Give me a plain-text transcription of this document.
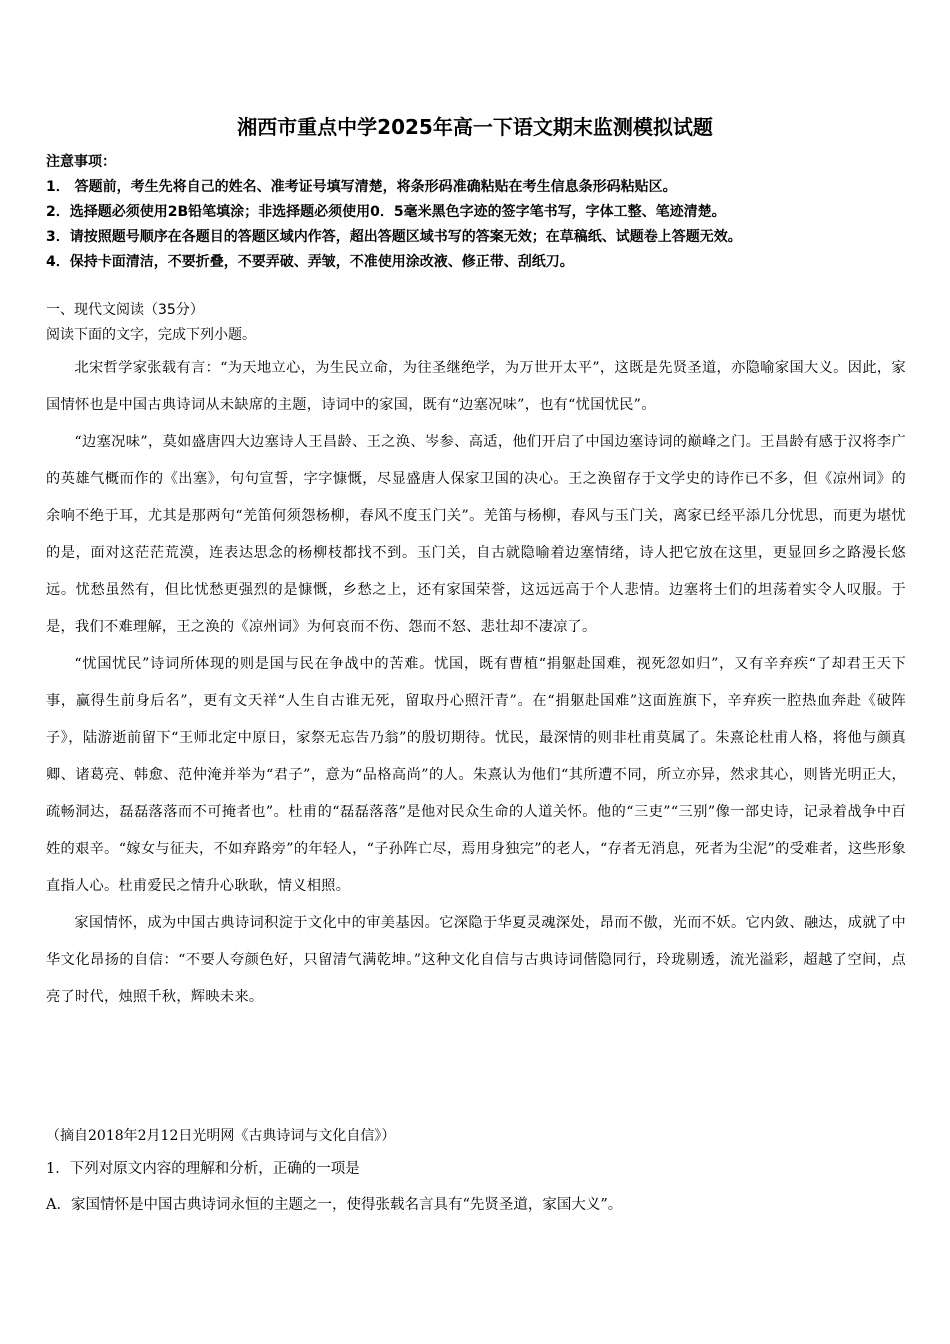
湘西市重点中学2025年高一下语文期末监测模拟试题
注意事项：
1． 答题前，考生先将自己的姓名、准考证号填写清楚，将条形码准确粘贴在考生信息条形码粘贴区。
2．选择题必须使用2B铅笔填涂；非选择题必须使用0．5毫米黑色字迹的签字笔书写，字体工整、笔迹清楚。
3．请按照题号顺序在各题目的答题区域内作答，超出答题区域书写的答案无效；在草稿纸、试题卷上答题无效。
4．保持卡面清洁，不要折叠，不要弄破、弄皱，不准使用涂改液、修正带、刮纸刀。
一、现代文阅读（35分）
阅读下面的文字，完成下列小题。

北宋哲学家张载有言：“为天地立心，为生民立命，为往圣继绝学，为万世开太平”，这既是先贤圣道，亦隐喻家国大义。因此，家国情怀也是中国古典诗词从未缺席的主题，诗词中的家国，既有“边塞况味”，也有“忧国忧民”。

“边塞况味”，莫如盛唐四大边塞诗人王昌龄、王之涣、岑参、高适，他们开启了中国边塞诗词的巅峰之门。王昌龄有感于汉将李广的英雄气概而作的《出塞》，句句宣誓，字字慷慨，尽显盛唐人保家卫国的决心。王之涣留存于文学史的诗作已不多，但《凉州词》的余响不绝于耳，尤其是那两句“羌笛何须怨杨柳，春风不度玉门关”。羌笛与杨柳，春风与玉门关，离家已经平添几分忧思，而更为堪忧的是，面对这茫茫荒漠，连表达思念的杨柳枝都找不到。玉门关，自古就隐喻着边塞情绪，诗人把它放在这里，更显回乡之路漫长悠远。忧愁虽然有，但比忧愁更强烈的是慷慨，乡愁之上，还有家国荣誉，这远远高于个人悲情。边塞将士们的坦荡着实令人叹服。于是，我们不难理解，王之涣的《凉州词》为何哀而不伤、怨而不怒、悲壮却不凄凉了。

“忧国忧民”诗词所体现的则是国与民在争战中的苦难。忧国，既有曹植“捐躯赴国难，视死忽如归”，又有辛弃疾“了却君王天下事，赢得生前身后名”，更有文天祥“人生自古谁无死，留取丹心照汗青”。在“捐躯赴国难”这面旌旗下，辛弃疾一腔热血奔赴《破阵子》，陆游逝前留下“王师北定中原日，家祭无忘告乃翁”的殷切期待。忧民，最深情的则非杜甫莫属了。朱熹论杜甫人格，将他与颜真卿、诸葛亮、韩愈、范仲淹并举为“君子”，意为“品格高尚”的人。朱熹认为他们“其所遭不同，所立亦异，然求其心，则皆光明正大，疏畅洞达，磊磊落落而不可掩者也”。杜甫的“磊磊落落”是他对民众生命的人道关怀。他的“三吏”“三别”像一部史诗，记录着战争中百姓的艰辛。“嫁女与征夫，不如弃路旁”的年轻人，“子孙阵亡尽，焉用身独完”的老人，“存者无消息，死者为尘泥”的受难者，这些形象直指人心。杜甫爱民之情升心耿耿，情义相照。

家国情怀，成为中国古典诗词积淀于文化中的审美基因。它深隐于华夏灵魂深处，昂而不傲，光而不妖。它内敛、融达，成就了中华文化昂扬的自信：“不要人夸颜色好，只留清气满乾坤。”这种文化自信与古典诗词偕隐同行，玲珑剔透，流光溢彩，超越了空间，点亮了时代，烛照千秋，辉映未来。

（摘自2018年2月12日光明网《古典诗词与文化自信》）
1．下列对原文内容的理解和分析，正确的一项是
A．家国情怀是中国古典诗词永恒的主题之一，使得张载名言具有“先贤圣道，家国大义”。
